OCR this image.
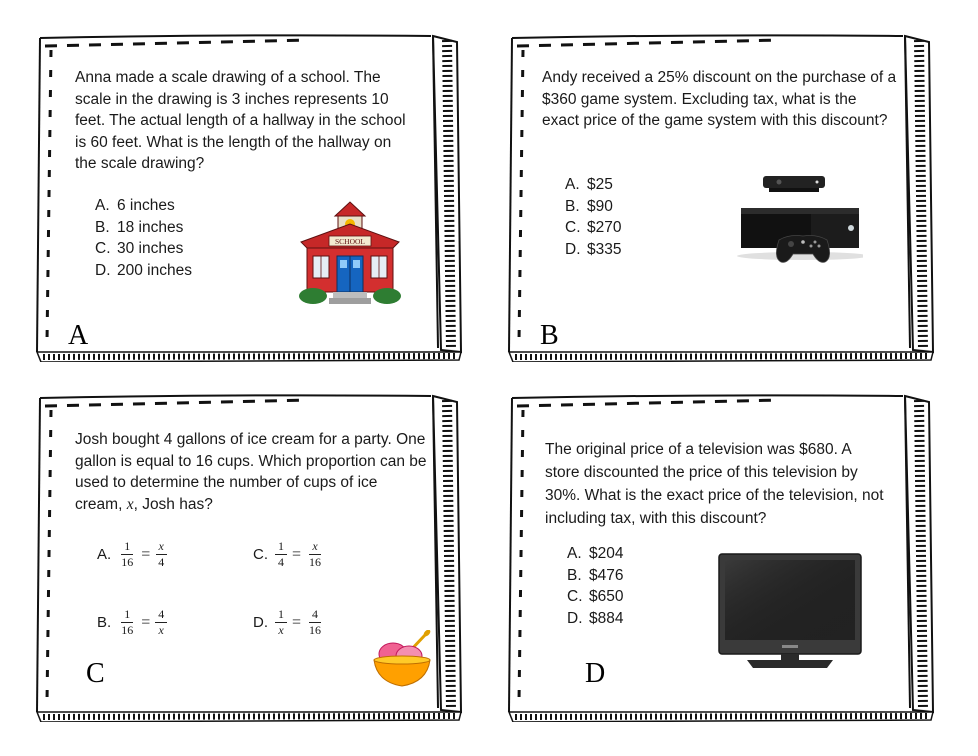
Anna made a scale drawing of a school. The scale in the drawing is 3 inches represents 10 feet. The actual length of a hallway in the school is 60 feet. What is the length of the hallway on the scale drawing?

A. 6 inches
B. 18 inches
C. 30 inches
D. 200 inches
SCHOOL
A

Andy received a 25% discount on the purchase of a $360 game system. Excluding tax, what is the exact price of the game system with this discount?

A. $25
B. $90
C. $270
D. $335
B

Josh bought 4 gallons of ice cream for a party. One gallon is equal to 16 cups. Which proportion can be used to determine the number of cups of ice cream, x, Josh has?

A. $\frac{1}{16} = \frac{x}{4}$	C. $\frac{1}{4} = \frac{x}{16}$
B. $\frac{1}{16} = \frac{4}{x}$	D. $\frac{1}{x} = \frac{4}{16}$
C

The original price of a television was $680. A store discounted the price of this television by 30%. What is the exact price of the television, not including tax, with this discount?

A. $204
B. $476
C. $650
D. $884
D
